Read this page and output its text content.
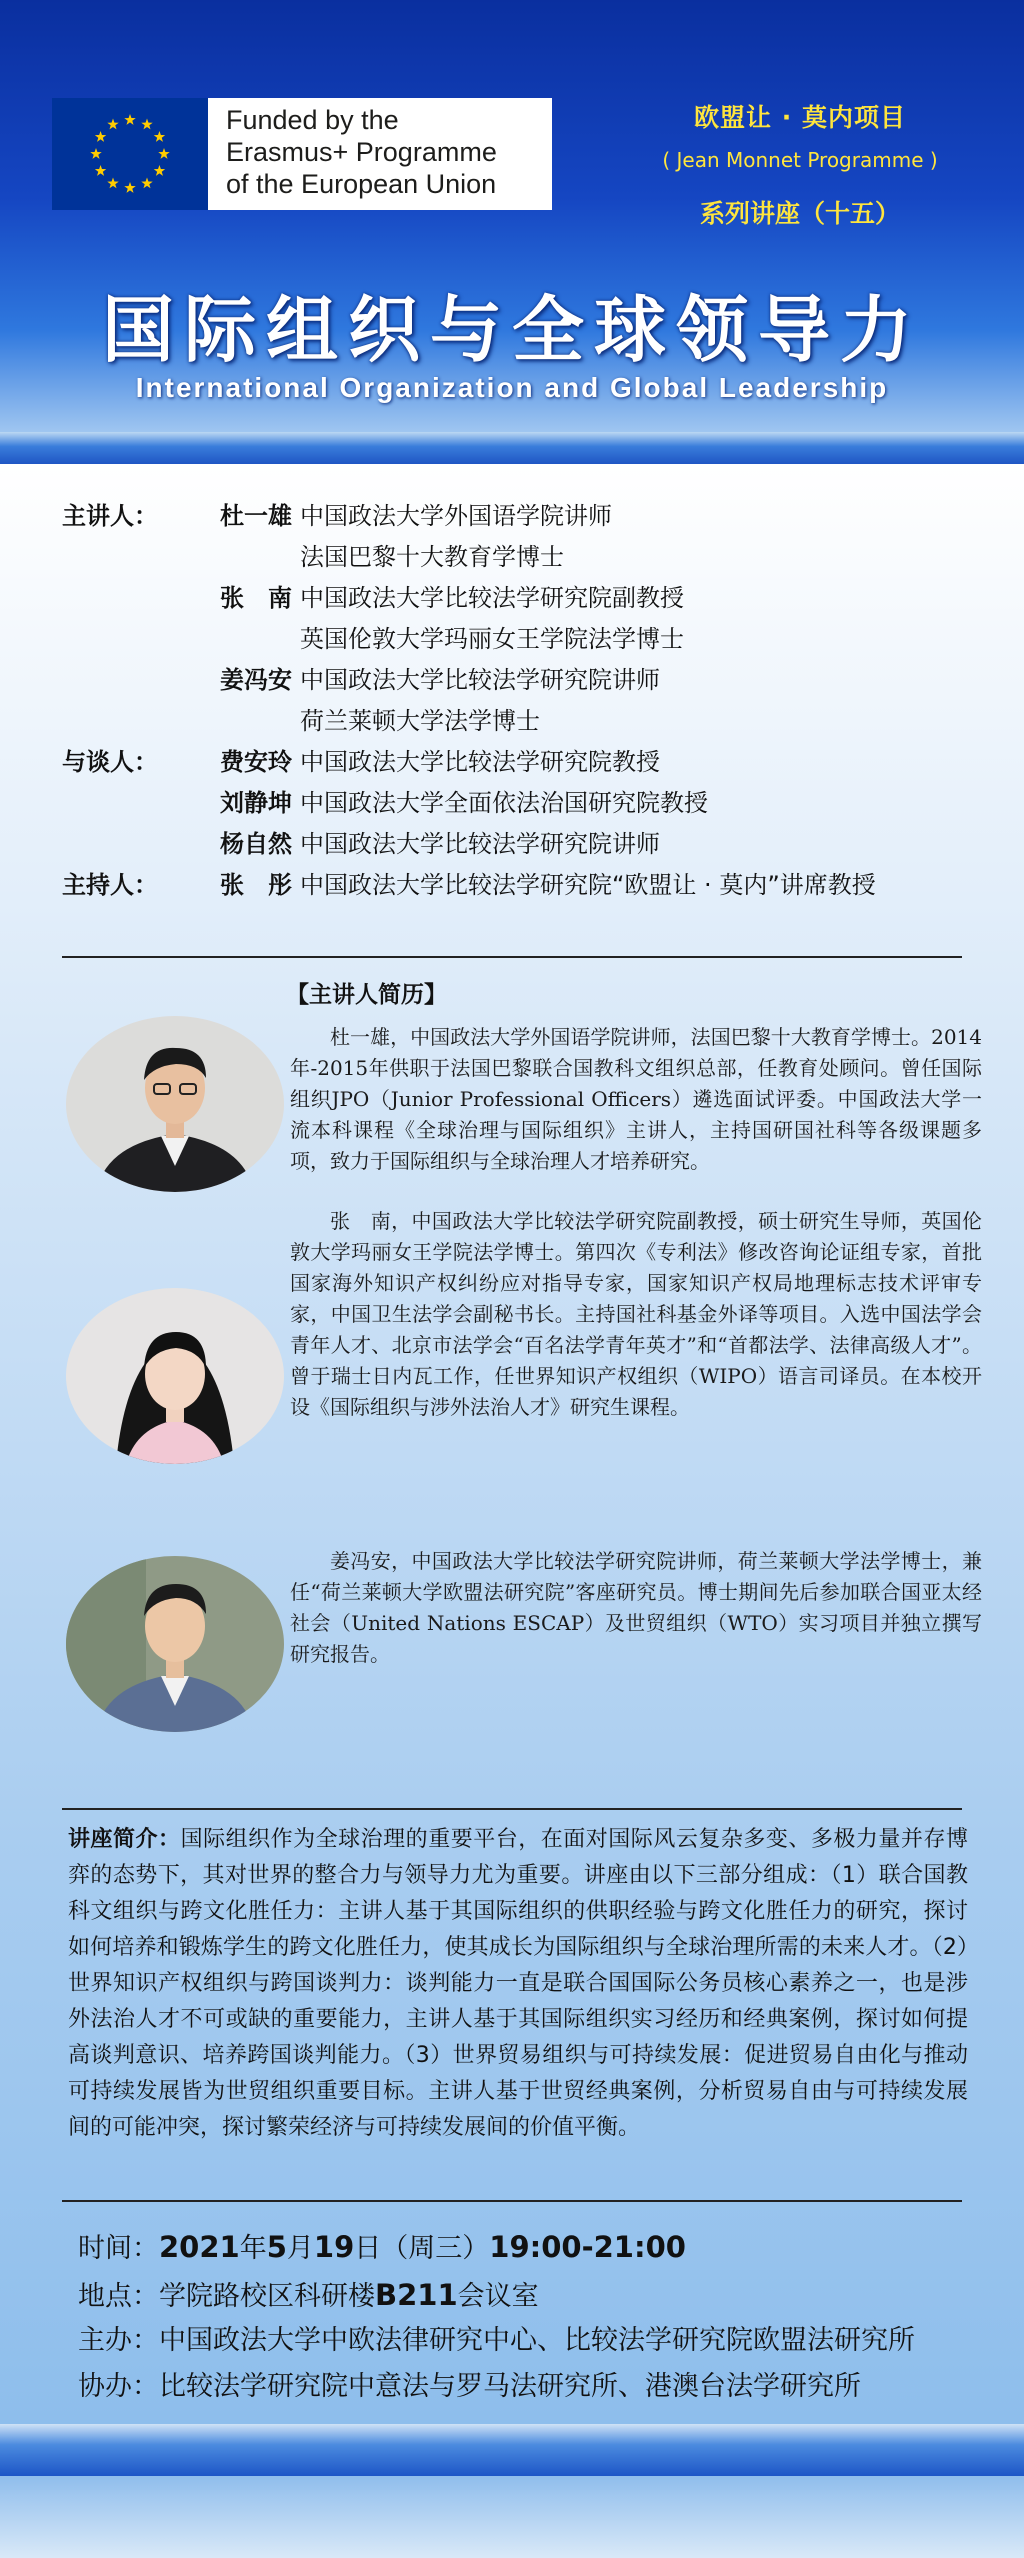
Funded by the
Erasmus+ Programme
of the European Union
欧盟让 · 莫内项目
( Jean Monnet Programme )
系列讲座（十五）
国际组织与全球领导力
International Organization and Global Leadership
主讲人：	杜一雄 中国政法大学外国语学院讲师
法国巴黎十大教育学博士
张　南 中国政法大学比较法学研究院副教授
英国伦敦大学玛丽女王学院法学博士
姜冯安 中国政法大学比较法学研究院讲师
荷兰莱顿大学法学博士
与谈人：	费安玲 中国政法大学比较法学研究院教授
刘静坤 中国政法大学全面依法治国研究院教授
杨自然 中国政法大学比较法学研究院讲师
主持人：	张　彤 中国政法大学比较法学研究院“欧盟让 · 莫内”讲席教授
【主讲人简历】
杜一雄，中国政法大学外国语学院讲师，法国巴黎十大教育学博士。2014年-2015年供职于法国巴黎联合国教科文组织总部，任教育处顾问。曾任国际组织JPO（Junior Professional Officers）遴选面试评委。中国政法大学一流本科课程《全球治理与国际组织》主讲人，主持国研国社科等各级课题多项，致力于国际组织与全球治理人才培养研究。
张　南，中国政法大学比较法学研究院副教授，硕士研究生导师，英国伦敦大学玛丽女王学院法学博士。第四次《专利法》修改咨询论证组专家，首批国家海外知识产权纠纷应对指导专家，国家知识产权局地理标志技术评审专家，中国卫生法学会副秘书长。主持国社科基金外译等项目。入选中国法学会青年人才、北京市法学会“百名法学青年英才”和“首都法学、法律高级人才”。曾于瑞士日内瓦工作，任世界知识产权组织（WIPO）语言司译员。在本校开设《国际组织与涉外法治人才》研究生课程。
姜冯安，中国政法大学比较法学研究院讲师，荷兰莱顿大学法学博士，兼任“荷兰莱顿大学欧盟法研究院”客座研究员。博士期间先后参加联合国亚太经社会（United Nations ESCAP）及世贸组织（WTO）实习项目并独立撰写研究报告。
讲座简介：国际组织作为全球治理的重要平台，在面对国际风云复杂多变、多极力量并存博弈的态势下，其对世界的整合力与领导力尤为重要。讲座由以下三部分组成：（1）联合国教科文组织与跨文化胜任力：主讲人基于其国际组织的供职经验与跨文化胜任力的研究，探讨如何培养和锻炼学生的跨文化胜任力，使其成长为国际组织与全球治理所需的未来人才。（2）世界知识产权组织与跨国谈判力：谈判能力一直是联合国国际公务员核心素养之一，也是涉外法治人才不可或缺的重要能力，主讲人基于其国际组织实习经历和经典案例，探讨如何提高谈判意识、培养跨国谈判能力。（3）世界贸易组织与可持续发展：促进贸易自由化与推动可持续发展皆为世贸组织重要目标。主讲人基于世贸经典案例，分析贸易自由与可持续发展间的可能冲突，探讨繁荣经济与可持续发展间的价值平衡。
时间：2021年5月19日（周三）19:00-21:00
地点：学院路校区科研楼B211会议室
主办：中国政法大学中欧法律研究中心、比较法学研究院欧盟法研究所
协办：比较法学研究院中意法与罗马法研究所、港澳台法学研究所
